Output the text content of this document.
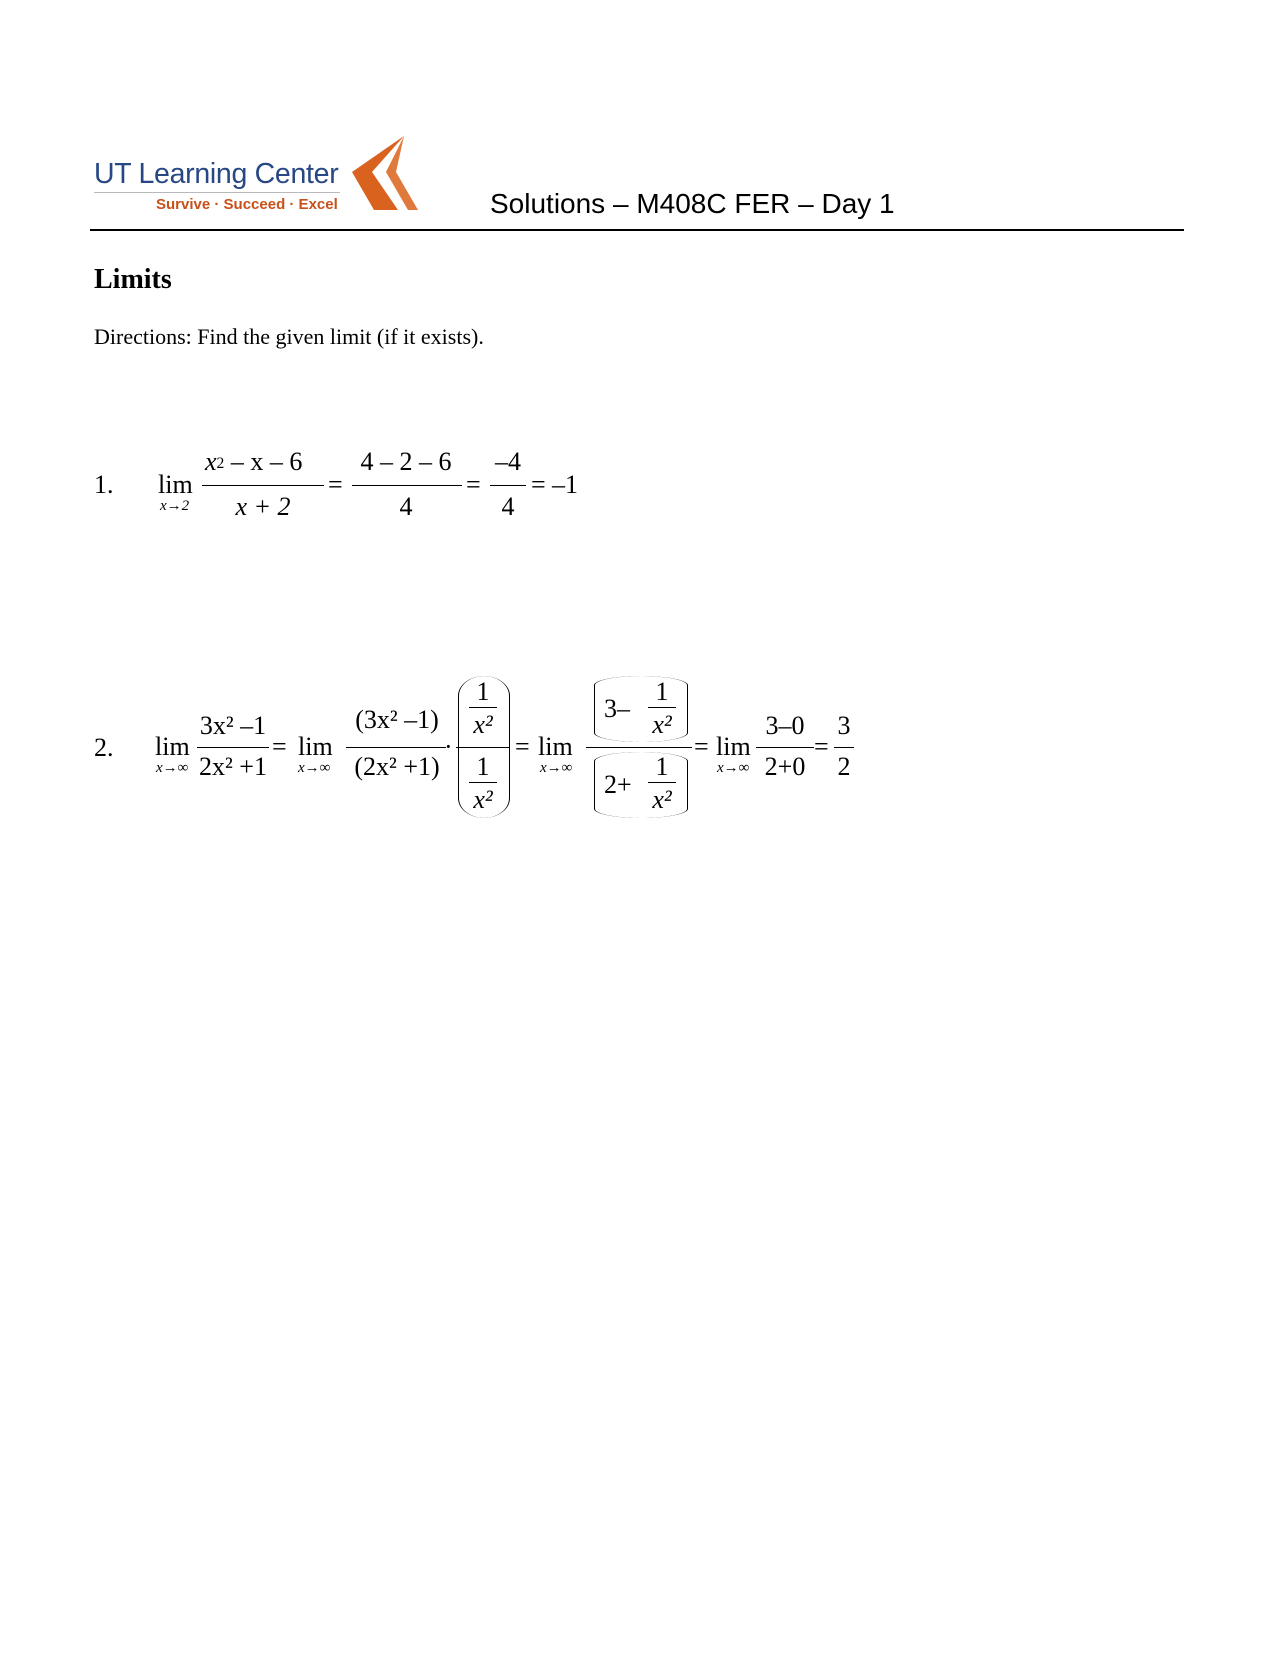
UT Learning Center
Survive · Succeed · Excel	Solutions – M408C FER – Day 1
Limits
Directions: Find the given limit (if it exists).
1. lim
x→2
$x^2$ – x – 6
x + 2
=
4 – 2 – 6
4
=
–4
4
= –1
2. lim
x→∞
3x² –1
2x² +1
= lim
x→∞
(3x² –1)
(2x² +1)
·
1
x²
1
x²
= lim
x→∞
3–
1
x²
2+
1
x²
= lim
x→∞
3–0
2+0
=
3
2
